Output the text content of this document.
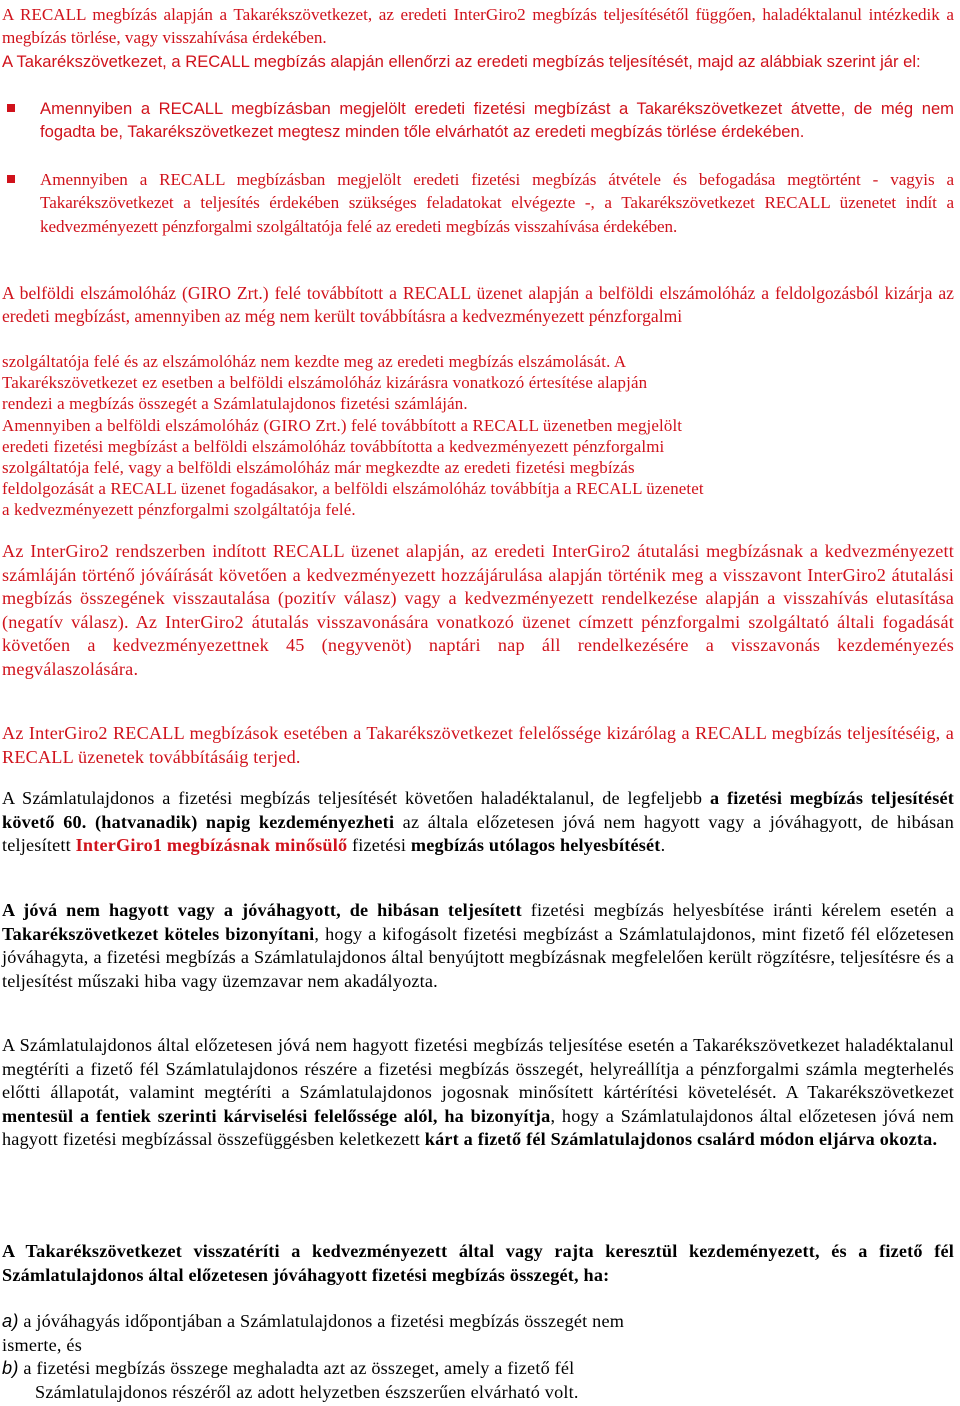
A RECALL megbízás alapján a Takarékszövetkezet, az eredeti InterGiro2 megbízás teljesítésétől függően, haladéktalanul intézkedik a megbízás törlése, vagy visszahívása érdekében.

A Takarékszövetkezet, a RECALL megbízás alapján ellenőrzi az eredeti megbízás teljesítését, majd az alábbiak szerint jár el:

Amennyiben a RECALL megbízásban megjelölt eredeti fizetési megbízást a Takarékszövetkezet átvette, de még nem fogadta be, Takarékszövetkezet megtesz minden tőle elvárhatót az eredeti megbízás törlése érdekében.
Amennyiben a RECALL megbízásban megjelölt eredeti fizetési megbízás átvétele és befogadása megtörtént - vagyis a Takarékszövetkezet a teljesítés érdekében szükséges feladatokat elvégezte -, a Takarékszövetkezet RECALL üzenetet indít a kedvezményezett pénzforgalmi szolgáltatója felé az eredeti megbízás visszahívása érdekében.

A belföldi elszámolóház (GIRO Zrt.) felé továbbított a RECALL üzenet alapján a belföldi elszámolóház a feldolgozásból kizárja az eredeti megbízást, amennyiben az még nem került továbbításra a kedvezményezett pénzforgalmi

szolgáltatója felé és az elszámolóház nem kezdte meg az eredeti megbízás elszámolását. A
Takarékszövetkezet ez esetben a belföldi elszámolóház kizárásra vonatkozó értesítése alapján
rendezi a megbízás összegét a Számlatulajdonos fizetési számláján.
Amennyiben a belföldi elszámolóház (GIRO Zrt.) felé továbbított a RECALL üzenetben megjelölt
eredeti fizetési megbízást a belföldi elszámolóház továbbította a kedvezményezett pénzforgalmi
szolgáltatója felé, vagy a belföldi elszámolóház már megkezdte az eredeti fizetési megbízás
feldolgozását a RECALL üzenet fogadásakor, a belföldi elszámolóház továbbítja a RECALL üzenetet
a kedvezményezett pénzforgalmi szolgáltatója felé.

Az InterGiro2 rendszerben indított RECALL üzenet alapján, az eredeti InterGiro2 átutalási megbízásnak a kedvezményezett számláján történő jóváírását követően a kedvezményezett hozzájárulása alapján történik meg a visszavont InterGiro2 átutalási megbízás összegének visszautalása (pozitív válasz) vagy a kedvezményezett rendelkezése alapján a visszahívás elutasítása (negatív válasz). Az InterGiro2 átutalás visszavonására vonatkozó üzenet címzett pénzforgalmi szolgáltató általi fogadását követően a kedvezményezettnek 45 (negyvenöt) naptári nap áll rendelkezésére a visszavonás kezdeményezés megválaszolására.

Az InterGiro2 RECALL megbízások esetében a Takarékszövetkezet felelőssége kizárólag a RECALL megbízás teljesítéséig, a RECALL üzenetek továbbításáig terjed.

A Számlatulajdonos a fizetési megbízás teljesítését követően haladéktalanul, de legfeljebb a fizetési megbízás teljesítését követő 60. (hatvanadik) napig kezdeményezheti az általa előzetesen jóvá nem hagyott vagy a jóváhagyott, de hibásan teljesített InterGiro1 megbízásnak minősülő fizetési megbízás utólagos helyesbítését.

A jóvá nem hagyott vagy a jóváhagyott, de hibásan teljesített fizetési megbízás helyesbítése iránti kérelem esetén a Takarékszövetkezet köteles bizonyítani, hogy a kifogásolt fizetési megbízást a Számlatulajdonos, mint fizető fél előzetesen jóváhagyta, a fizetési megbízás a Számlatulajdonos által benyújtott megbízásnak megfelelően került rögzítésre, teljesítésre és a teljesítést műszaki hiba vagy üzemzavar nem akadályozta.

A Számlatulajdonos által előzetesen jóvá nem hagyott fizetési megbízás teljesítése esetén a Takarékszövetkezet haladéktalanul megtéríti a fizető fél Számlatulajdonos részére a fizetési megbízás összegét, helyreállítja a pénzforgalmi számla megterhelés előtti állapotát, valamint megtéríti a Számlatulajdonos jogosnak minősített kártérítési követelését. A Takarékszövetkezet mentesül a fentiek szerinti kárviselési felelőssége alól, ha bizonyítja, hogy a Számlatulajdonos által előzetesen jóvá nem hagyott fizetési megbízással összefüggésben keletkezett kárt a fizető fél Számlatulajdonos csalárd módon eljárva okozta.

A Takarékszövetkezet visszatéríti a kedvezményezett által vagy rajta keresztül kezdeményezett, és a fizető fél Számlatulajdonos által előzetesen jóváhagyott fizetési megbízás összegét, ha:

a) a jóváhagyás időpontjában a Számlatulajdonos a fizetési megbízás összegét nem
ismerte, és
b) a fizetési megbízás összege meghaladta azt az összeget, amely a fizető fél
Számlatulajdonos részéről az adott helyzetben észszerűen elvárható volt.
